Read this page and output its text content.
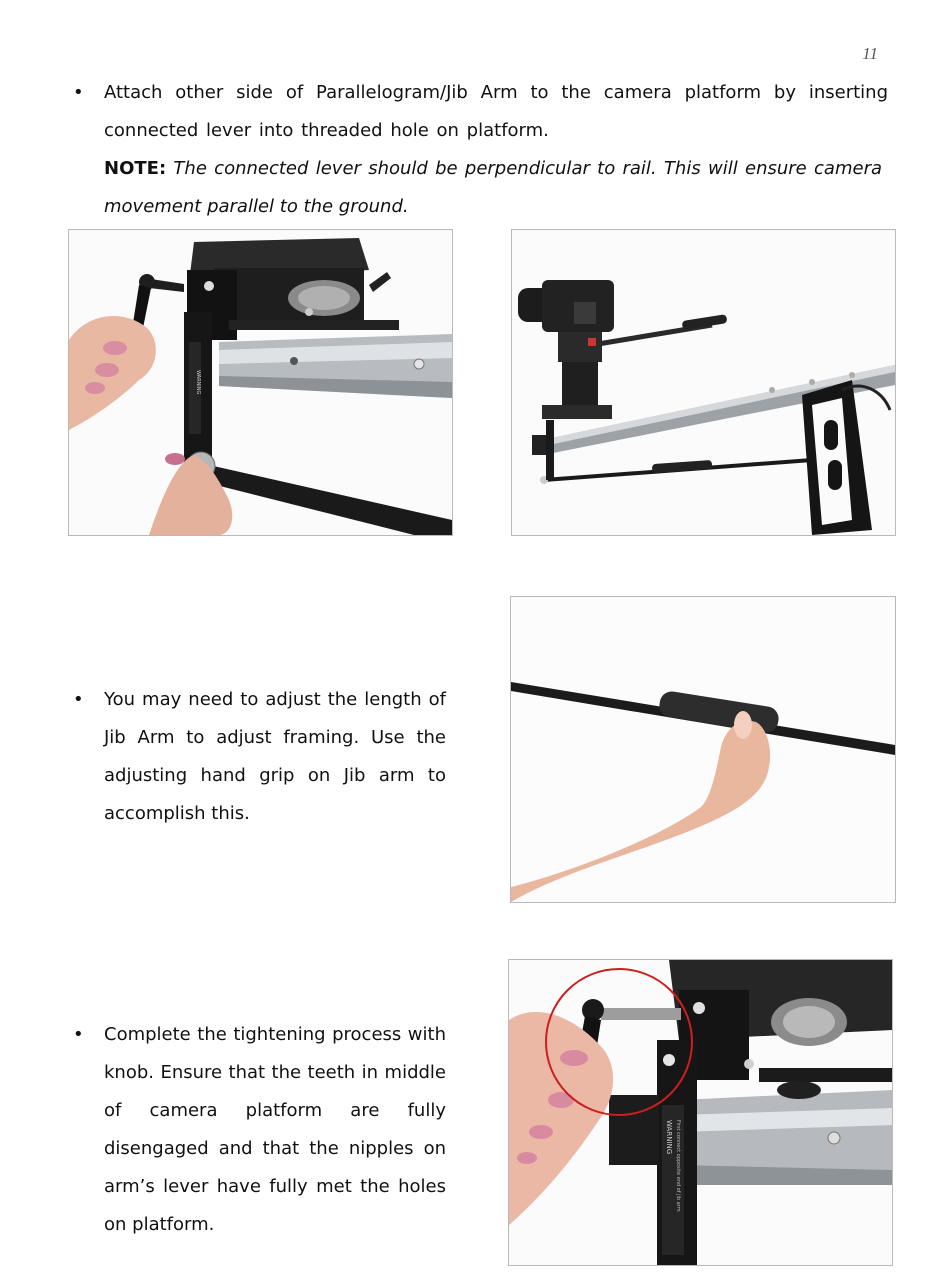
11
• Attach other side of Parallelogram/Jib Arm to the camera platform by inserting connected lever into threaded hole on platform.
NOTE: The connected lever should be perpendicular to rail. This will ensure camera movement parallel to the ground.
WARNING
• You may need to adjust the length of Jib Arm to adjust framing. Use the adjusting hand grip on Jib arm to accomplish this.
• Complete the tightening process with knob. Ensure that the teeth in middle of camera platform are fully disengaged and that the nipples on arm’s lever have fully met the holes on platform.
WARNING First connect opposite end of jib arm
